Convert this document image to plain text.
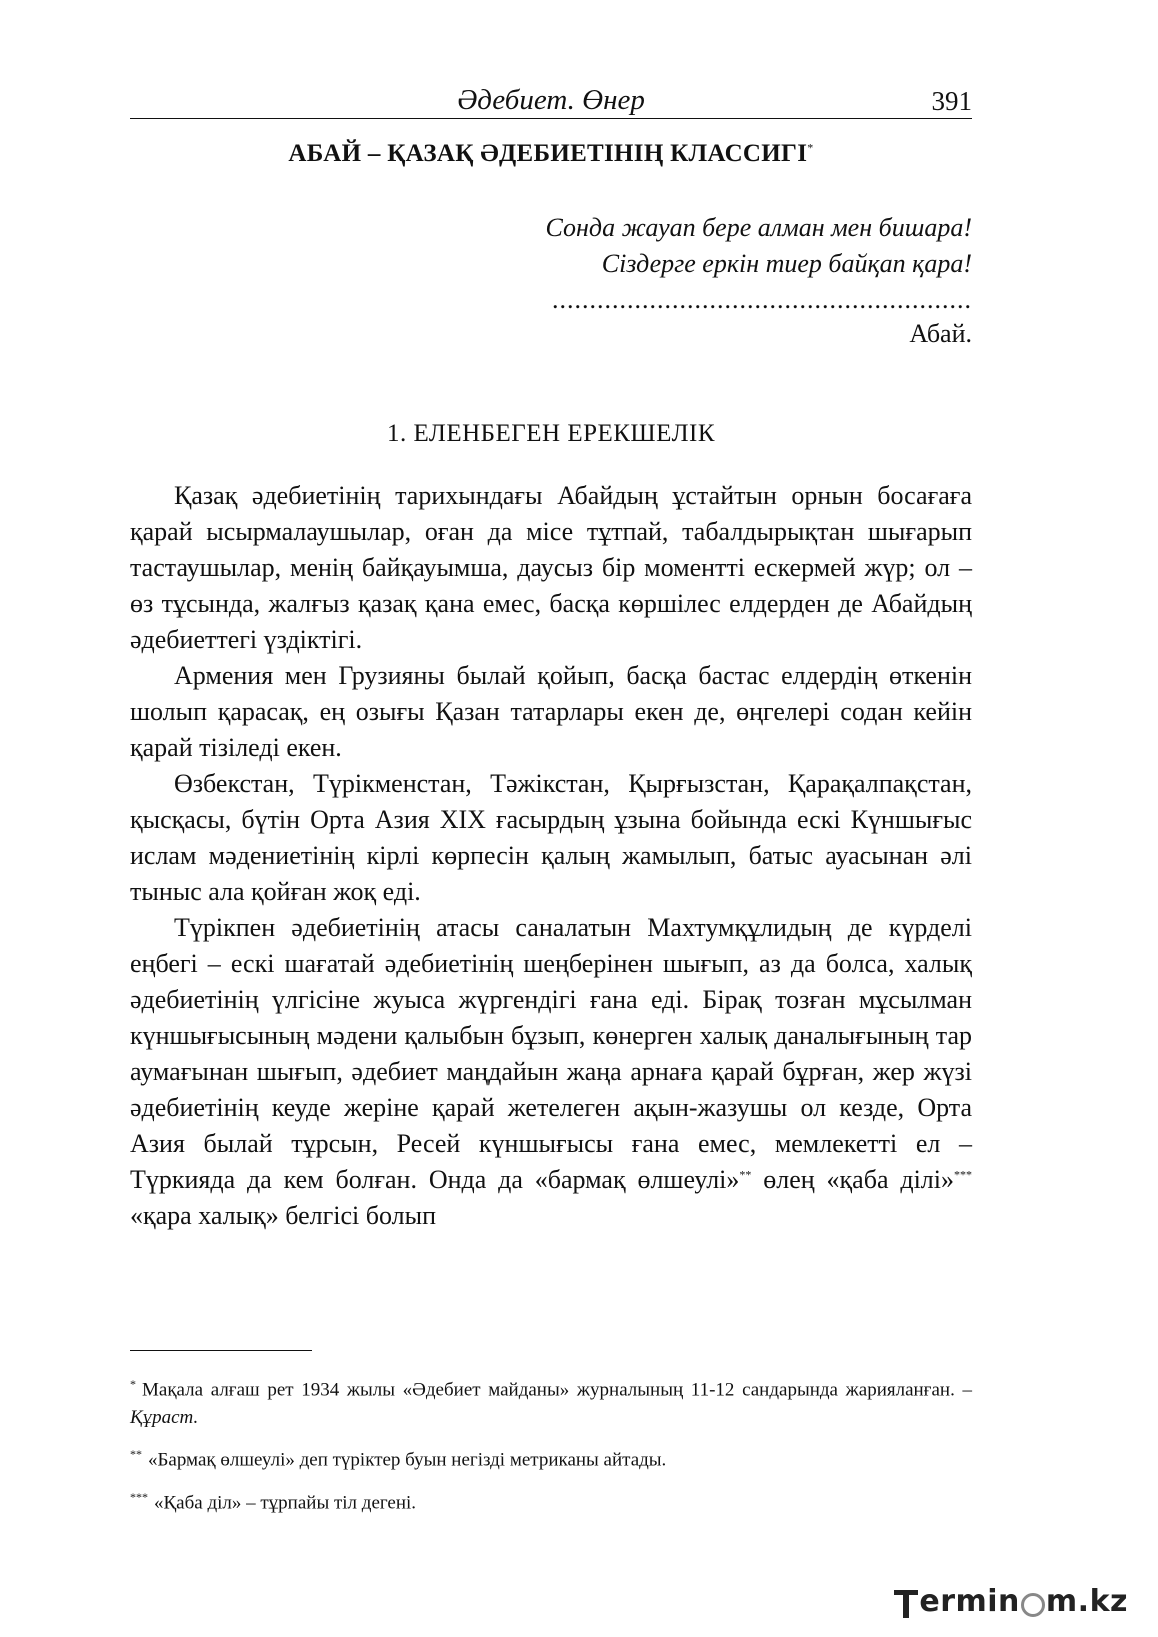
Әдебиет. Өнер	391
АБАЙ – ҚАЗАҚ ӘДЕБИЕТІНІҢ КЛАССИГІ*
Сонда жауап бере алман мен бишара!
Сіздерге еркін тиер байқап қара!
........................................................
Абай.
1. ЕЛЕНБЕГЕН ЕРЕКШЕЛІК

Қазақ әдебиетінің тарихындағы Абайдың ұстайтын орнын босағаға қарай ысырмалаушылар, оған да місе тұтпай, табалдырықтан шығарып тастаушылар, менің байқауымша, даусыз бір моментті ескермей жүр; ол – өз тұсында, жалғыз қазақ қана емес, басқа көршілес елдерден де Абайдың әдебиеттегі үздіктігі.

Армения мен Грузияны былай қойып, басқа бастас елдердің өткенін шолып қарасақ, ең озығы Қазан татарлары екен де, өңгелері содан кейін қарай тізіледі екен.

Өзбекстан, Түрікменстан, Тәжікстан, Қырғызстан, Қарақалпақстан, қысқасы, бүтін Орта Азия ХІХ ғасырдың ұзына бойында ескі Күншығыс ислам мәдениетінің кірлі көрпесін қалың жамылып, батыс ауасынан әлі тыныс ала қойған жоқ еді.

Түрікпен әдебиетінің атасы саналатын Махтумқұлидың де күрделі еңбегі – ескі шағатай әдебиетінің шеңберінен шығып, аз да болса, халық әдебиетінің үлгісіне жуыса жүргендігі ғана еді. Бірақ тозған мұсылман күншығысының мәдени қалыбын бұзып, көнерген халық даналығының тар аумағынан шығып, әдебиет маңдайын жаңа арнаға қарай бұрған, жер жүзі әдебиетінің кеуде жеріне қарай жетелеген ақын-жазушы ол кезде, Орта Азия былай тұрсын, Ресей күншығысы ғана емес, мемлекетті ел – Түркияда да кем болған. Онда да «бармақ өлшеулі»** өлең «қаба ділі»*** «қара халық» белгісі болып

* Мақала алғаш рет 1934 жылы «Әдебиет майданы» журналының 11-12 сандарында жарияланған. – Құраст.

** «Бармақ өлшеулі» деп түріктер буын негізді метриканы айтады.

*** «Қаба діл» – тұрпайы тіл дегені.

ermin m.kz
